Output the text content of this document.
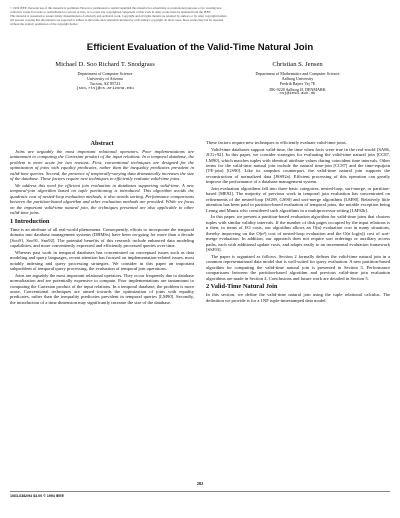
© 1994 IEEE. Personal use of this material is permitted. However, permission to reprint/republish this material for advertising or promotional purposes or for creating new

collective works for resale or redistribution to servers or lists, or to reuse any copyrighted component of this work in other works must be obtained from the IEEE.

This material is presented to ensure timely dissemination of scholarly and technical work. Copyright and all rights therein are retained by authors or by other copyright holders.

All persons copying this information are expected to adhere to the terms and constraints invoked by each author's copyright. In most cases, these works may not be reposted

without the explicit permission of the copyright holder.

Efficient Evaluation of the Valid-Time Natural Join
Michael D. Soo Richard T. Snodgrass
Department of Computer Science
University of Arizona
Tucson, AZ 85721
{soo,rts}@cs.arizona.edu
Christian S. Jensen
Department of Mathematics and Computer Science
Aalborg University
Fredrik Bajers Vej 7E
DK-9220 Aalborg Ø, DENMARK
csj@iesd.auc.dk
Abstract

Joins are arguably the most important relational operators. Poor implementations are tantamount to computing the Cartesian product of the input relations. In a temporal database, the problem is more acute for two reasons. First, conventional techniques are designed for the optimization of joins with equality predicates, rather than the inequality predicates prevalent in valid-time queries. Second, the presence of temporally-varying data dramatically increases the size of the database. These factors require new techniques to efficiently evaluate valid-time joins.

We address this need for efficient join evaluation in databases supporting valid-time. A new temporal-join algorithm based on tuple partitioning is introduced. This algorithm avoids the quadratic cost of nested-loop evaluation methods; it also avoids sorting. Performance comparisons between the partition-based algorithm and other evaluation methods are provided. While we focus on the important valid-time natural join, the techniques presented are also applicable to other valid-time joins.

1 Introduction

Time is an attribute of all real-world phenomena. Consequently, efforts to incorporate the temporal domain into database management systems (DBMSs) have been on-going for more than a decade [Soo91, Soo91, Sno92]. The potential benefits of this research include enhanced data modeling capabilities, and more conveniently expressed and efficiently processed queries over time.

Whereas past work in temporal databases has concentrated on conceptual issues such as data modeling and query languages, recent attention has focused on implementation-related issues, most notably indexing and query processing strategies. We consider in this paper an important subproblem of temporal query processing, the evaluation of temporal join operations.

Joins are arguably the most important relational operators. They occur frequently due to database normalization and are potentially expensive to compute. Poor implementations are tantamount to computing the Cartesian product of the input relations. In a temporal database, the problem is more acute. Conventional techniques are aimed towards the optimization of joins with equality predicates, rather than the inequality predicates prevalent in temporal queries [LM90]. Secondly, the introduction of a time dimension may significantly increase the size of the database.

These factors require new techniques to efficiently evaluate valid-time joins.

Valid-time databases support valid-time, the time when facts were true in the real-world [SA86, JCG+92]. In this paper, we consider strategies for evaluating the valid-time natural join [CC87, LM90], which matches tuples with identical attribute values during coincident time intervals. Other terms for the valid-time natural join include the natural time-join [CC87] and the time-equijoin (TE-join) [GS90]. Like its snapshot counterpart, the valid-time natural join supports the reconstruction of normalized data [JSS92a]. Efficient processing of this operation can greatly improve the performance of a database management system.

Join evaluation algorithms fall into three basic categories, nested-loop, sort-merge, or partition-based [ME92]. The majority of previous work in temporal join evaluation has concentrated on refinements of the nested-loop [SG89, GS90] and sort-merge algorithms [LM90]. Relatively little attention has been paid to partition-based evaluation of temporal joins, the notable exception being Leung and Muntz who considered such algorithms in a multiprocessor setting [LM92b].

In this paper, we present a partition-based evaluation algorithm for valid-time joins that clusters tuples with similar validity intervals. If the number of disk pages occupied by the input relations is n then, in terms of I/O costs, our algorithm allows an O(n) evaluation cost in many situations, thereby improving on the O(n²) cost of nested-loop evaluation and the O(n log(n)) cost of sort-merge evaluation. In addition, our approach does not require sort orderings or auxiliary access paths, each with additional update costs, and adapts easily to an incremental evaluation framework [SSJ93].

The paper is organized as follows. Section 2 formally defines the valid-time natural join in a common representational data model that is well-suited for query evaluation. A new partition-based algorithm for computing the valid-time natural join is presented in Section 3. Performance comparisons between the partition-based algorithm and previous valid-time join evaluation algorithms are made in Section 4. Conclusions and future work are detailed in Section 5.

2 Valid-Time Natural Join

In this section, we define the valid-time natural join using the tuple relational calculus. The definition we provide is for a 1NF tuple-timestamped data model.

282
1063-6382/94 $3.00 © 1994 IEEE
